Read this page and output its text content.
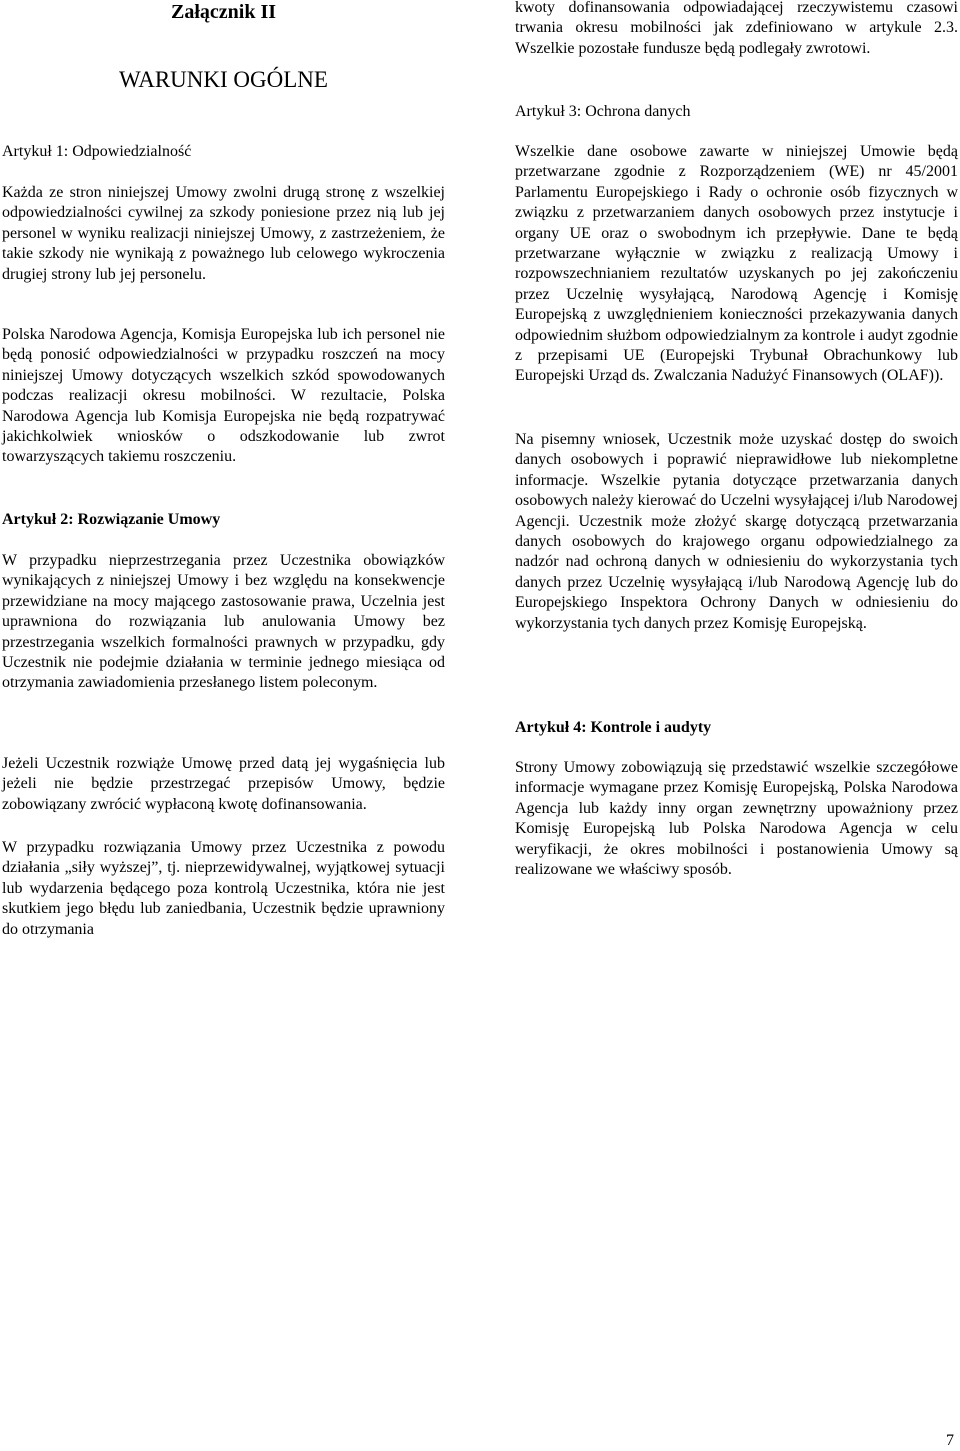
Załącznik II
WARUNKI OGÓLNE
Artykuł 1: Odpowiedzialność

Każda ze stron niniejszej Umowy zwolni drugą stronę z wszelkiej odpowiedzialności cywilnej za szkody poniesione przez nią lub jej personel w wyniku realizacji niniejszej Umowy, z zastrzeżeniem, że takie szkody nie wynikają z poważnego lub celowego wykroczenia drugiej strony lub jej personelu.

Polska Narodowa Agencja, Komisja Europejska lub ich personel nie będą ponosić odpowiedzialności w przypadku roszczeń na mocy niniejszej Umowy dotyczących wszelkich szkód spowodowanych podczas realizacji okresu mobilności. W rezultacie, Polska Narodowa Agencja lub Komisja Europejska nie będą rozpatrywać jakichkolwiek wniosków o odszkodowanie lub zwrot towarzyszących takiemu roszczeniu.

Artykuł 2: Rozwiązanie Umowy

W przypadku nieprzestrzegania przez Uczestnika obowiązków wynikających z niniejszej Umowy i bez względu na konsekwencje przewidziane na mocy mającego zastosowanie prawa, Uczelnia jest uprawniona do rozwiązania lub anulowania Umowy bez przestrzegania wszelkich formalności prawnych w przypadku, gdy Uczestnik nie podejmie działania w terminie jednego miesiąca od otrzymania zawiadomienia przesłanego listem poleconym.

Jeżeli Uczestnik rozwiąże Umowę przed datą jej wygaśnięcia lub jeżeli nie będzie przestrzegać przepisów Umowy, będzie zobowiązany zwrócić wypłaconą kwotę dofinansowania.

W przypadku rozwiązania Umowy przez Uczestnika z powodu działania „siły wyższej”, tj. nieprzewidywalnej, wyjątkowej sytuacji lub wydarzenia będącego poza kontrolą Uczestnika, która nie jest skutkiem jego błędu lub zaniedbania, Uczestnik będzie uprawniony do otrzymania

kwoty dofinansowania odpowiadającej rzeczywistemu czasowi trwania okresu mobilności jak zdefiniowano w artykule 2.3. Wszelkie pozostałe fundusze będą podlegały zwrotowi.

Artykuł 3: Ochrona danych

Wszelkie dane osobowe zawarte w niniejszej Umowie będą przetwarzane zgodnie z Rozporządzeniem (WE) nr 45/2001 Parlamentu Europejskiego i Rady o ochronie osób fizycznych w związku z przetwarzaniem danych osobowych przez instytucje i organy UE oraz o swobodnym ich przepływie. Dane te będą przetwarzane wyłącznie w związku z realizacją Umowy i rozpowszechnianiem rezultatów uzyskanych po jej zakończeniu przez Uczelnię wysyłającą, Narodową Agencję i Komisję Europejską z uwzględnieniem konieczności przekazywania danych odpowiednim służbom odpowiedzialnym za kontrole i audyt zgodnie z przepisami UE (Europejski Trybunał Obrachunkowy lub Europejski Urząd ds. Zwalczania Nadużyć Finansowych (OLAF)).

Na pisemny wniosek, Uczestnik może uzyskać dostęp do swoich danych osobowych i poprawić nieprawidłowe lub niekompletne informacje. Wszelkie pytania dotyczące przetwarzania danych osobowych należy kierować do Uczelni wysyłającej i/lub Narodowej Agencji. Uczestnik może złożyć skargę dotyczącą przetwarzania danych osobowych do krajowego organu odpowiedzialnego za nadzór nad ochroną danych w odniesieniu do wykorzystania tych danych przez Uczelnię wysyłającą i/lub Narodową Agencję lub do Europejskiego Inspektora Ochrony Danych w odniesieniu do wykorzystania tych danych przez Komisję Europejską.

Artykuł 4: Kontrole i audyty

Strony Umowy zobowiązują się przedstawić wszelkie szczegółowe informacje wymagane przez Komisję Europejską, Polska Narodowa Agencja lub każdy inny organ zewnętrzny upoważniony przez Komisję Europejską lub Polska Narodowa Agencja w celu weryfikacji, że okres mobilności i postanowienia Umowy są realizowane we właściwy sposób.

7
